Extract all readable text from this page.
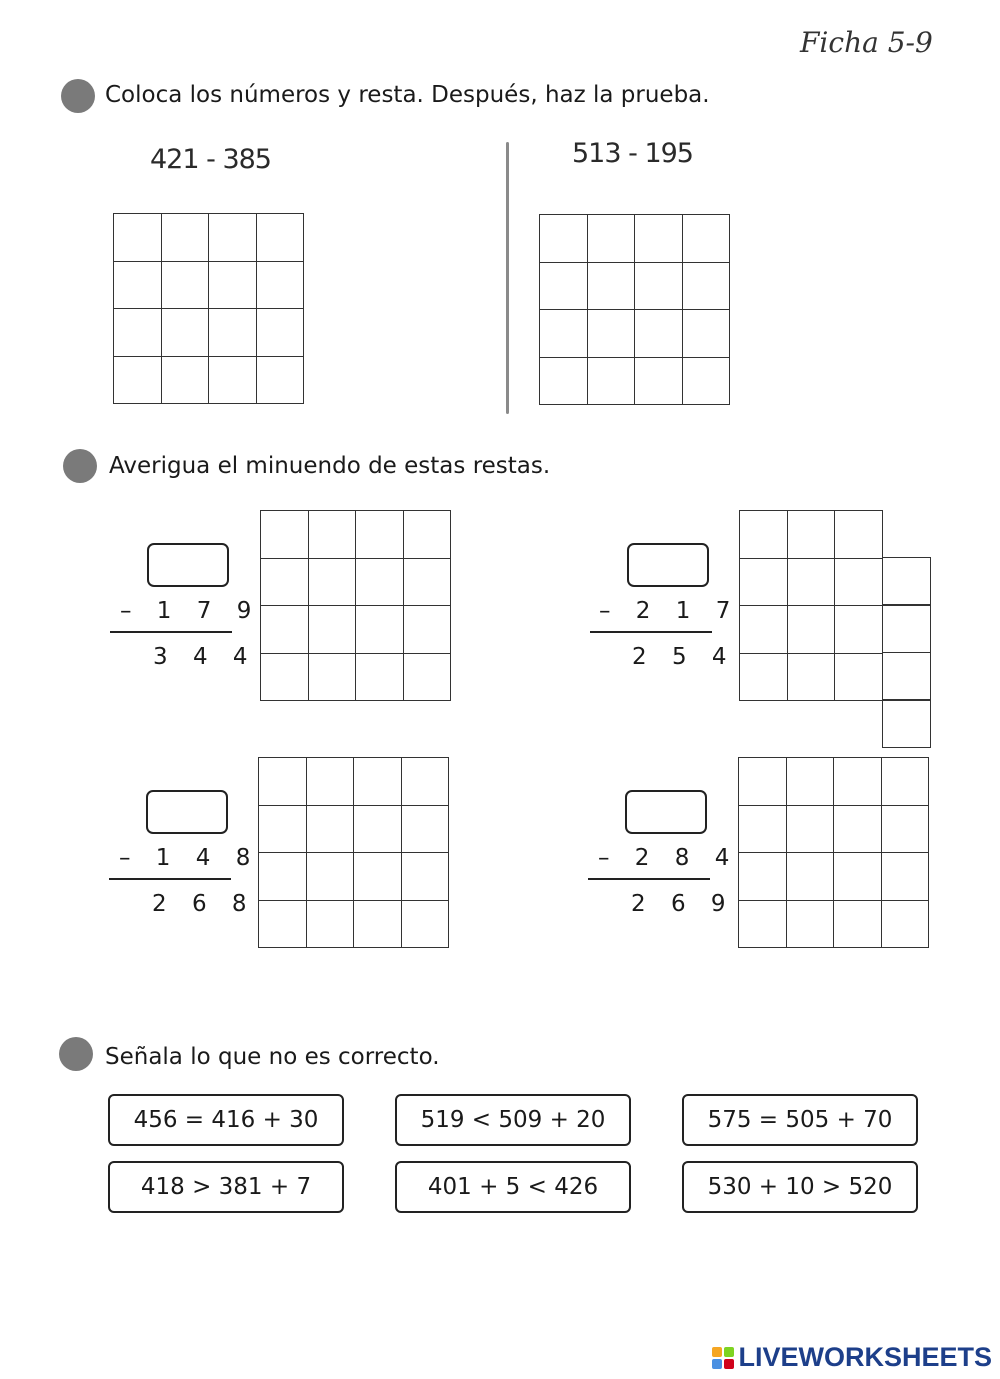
Ficha 5-9
Coloca los números y resta. Después, haz la prueba.
421 - 385	513 - 195
Averigua el minuendo de estas restas.
– 1 7 9
3 4 4
– 2 1 7
2 5 4
– 1 4 8
2 6 8
– 2 8 4
2 6 9
Señala lo que no es correcto.
456 = 416 + 30	519 < 509 + 20	575 = 505 + 70
418 > 381 + 7	401 + 5 < 426	530 + 10 > 520
LIVEWORKSHEETS
